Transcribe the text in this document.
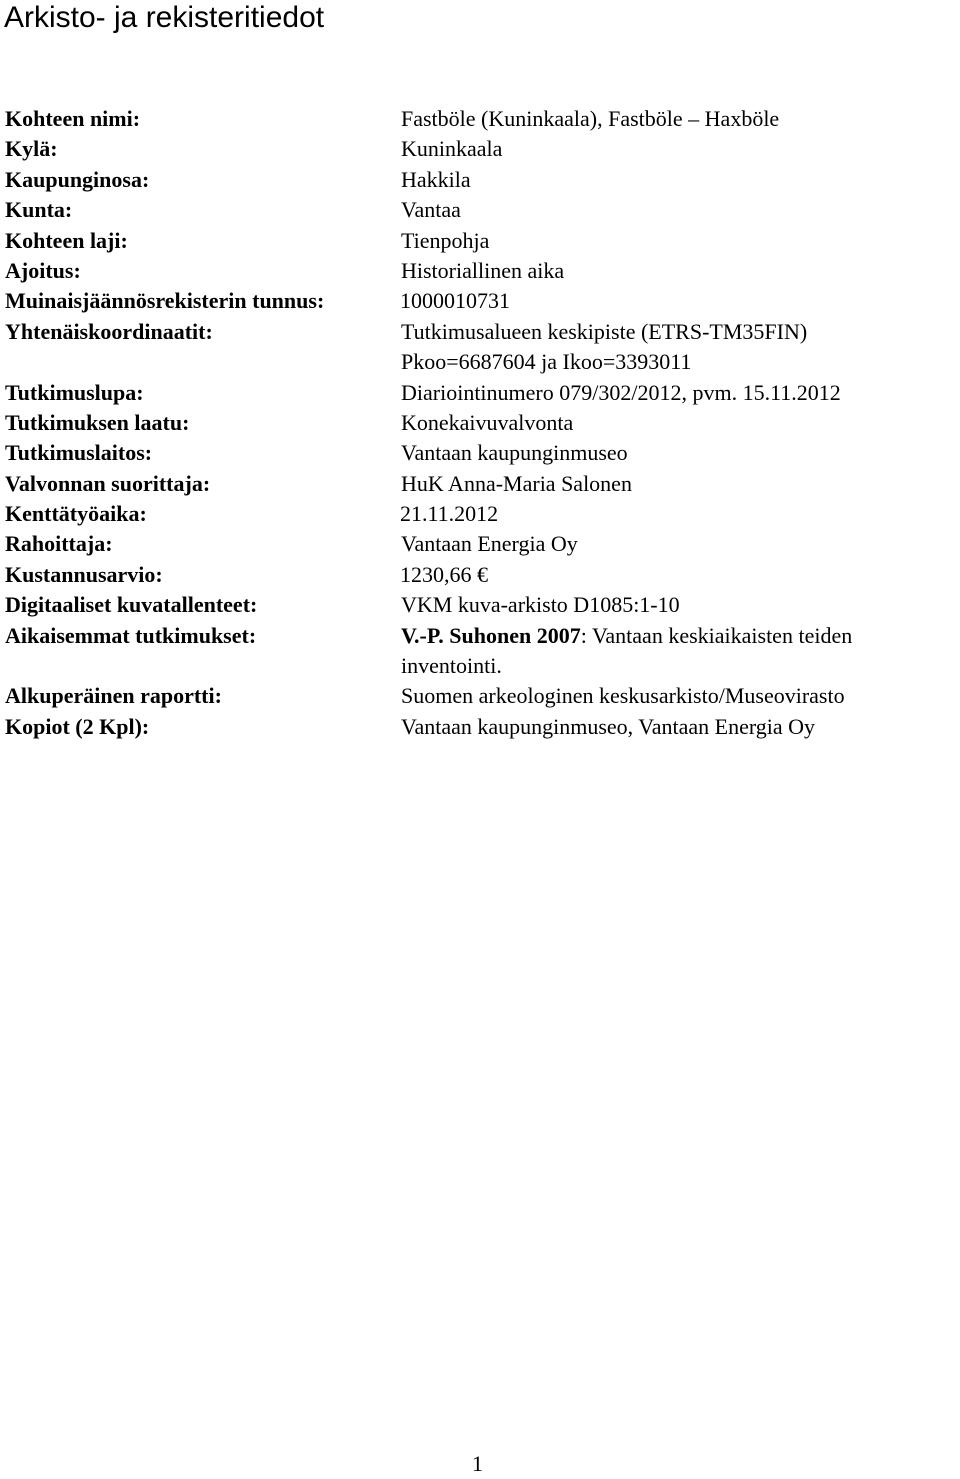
Arkisto- ja rekisteritiedot
Kohteen nimi:	Fastböle (Kuninkaala), Fastböle – Haxböle
Kylä:	Kuninkaala
Kaupunginosa:	Hakkila
Kunta:	Vantaa
Kohteen laji:	Tienpohja
Ajoitus:	Historiallinen aika
Muinaisjäännösrekisterin tunnus:	1000010731
Yhtenäiskoordinaatit:	Tutkimusalueen keskipiste (ETRS-TM35FIN)
Pkoo=6687604 ja Ikoo=3393011
Tutkimuslupa:	Diariointinumero 079/302/2012, pvm. 15.11.2012
Tutkimuksen laatu:	Konekaivuvalvonta
Tutkimuslaitos:	Vantaan kaupunginmuseo
Valvonnan suorittaja:	HuK Anna-Maria Salonen
Kenttätyöaika:	21.11.2012
Rahoittaja:	Vantaan Energia Oy
Kustannusarvio:	1230,66 €
Digitaaliset kuvatallenteet:	VKM kuva-arkisto D1085:1-10
Aikaisemmat tutkimukset:	V.-P. Suhonen 2007: Vantaan keskiaikaisten teiden inventointi.
Alkuperäinen raportti:	Suomen arkeologinen keskusarkisto/Museovirasto
Kopiot (2 Kpl):	Vantaan kaupunginmuseo, Vantaan Energia Oy
1
